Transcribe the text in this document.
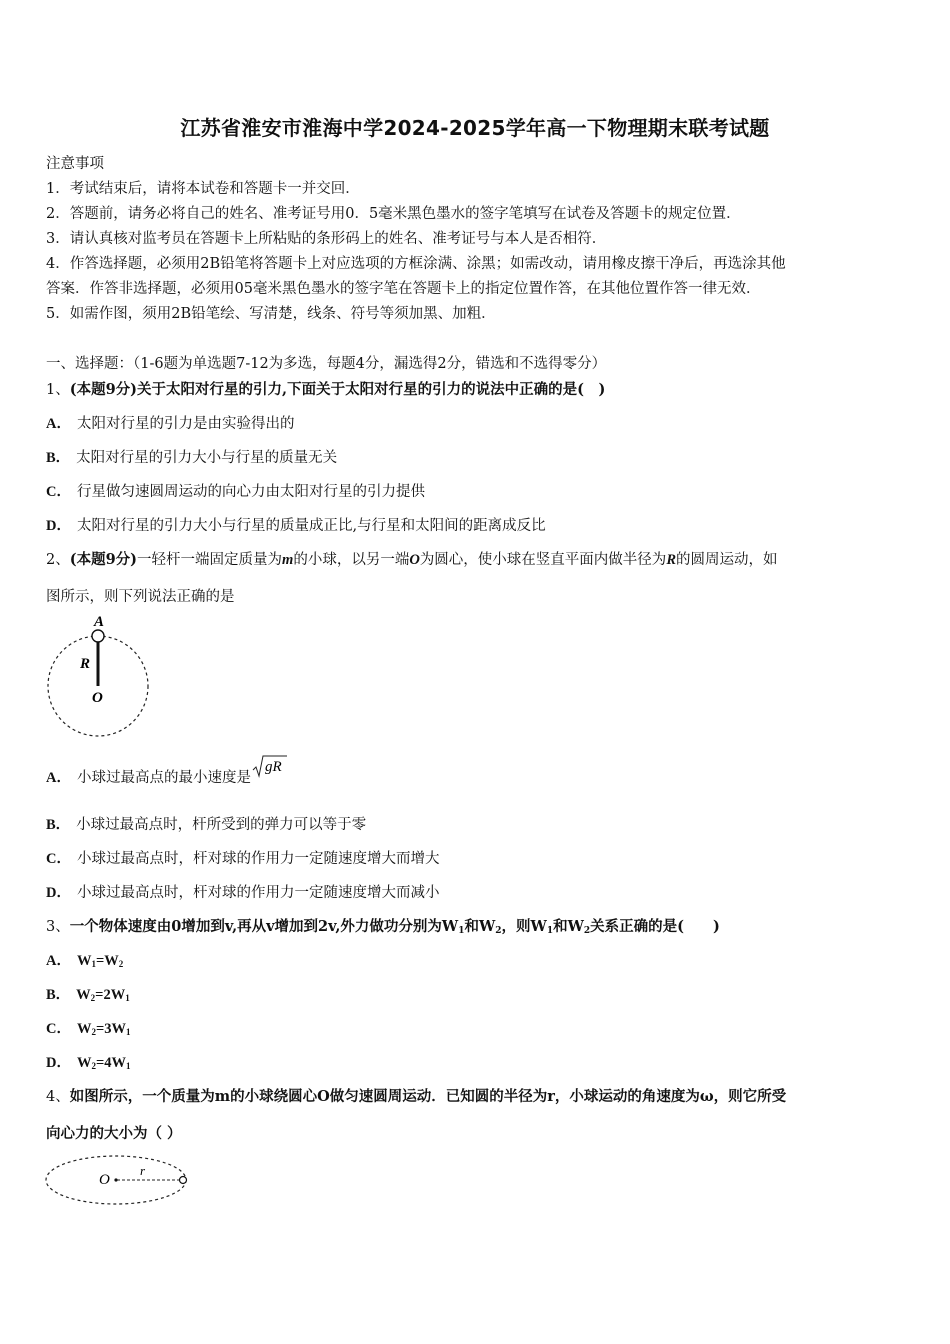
江苏省淮安市淮海中学2024-2025学年高一下物理期末联考试题
注意事项
1．考试结束后，请将本试卷和答题卡一并交回．
2．答题前，请务必将自己的姓名、准考证号用0．5毫米黑色墨水的签字笔填写在试卷及答题卡的规定位置．
3．请认真核对监考员在答题卡上所粘贴的条形码上的姓名、准考证号与本人是否相符．
4．作答选择题，必须用2B铅笔将答题卡上对应选项的方框涂满、涂黑；如需改动，请用橡皮擦干净后，再选涂其他
答案．作答非选择题，必须用05毫米黑色墨水的签字笔在答题卡上的指定位置作答，在其他位置作答一律无效．
5．如需作图，须用2B铅笔绘、写清楚，线条、符号等须加黑、加粗．
一、选择题：（1-6题为单选题7-12为多选，每题4分，漏选得2分，错选和不选得零分）
1、(本题9分)关于太阳对行星的引力,下面关于太阳对行星的引力的说法中正确的是(　)
A． 太阳对行星的引力是由实验得出的
B． 太阳对行星的引力大小与行星的质量无关
C． 行星做匀速圆周运动的向心力由太阳对行星的引力提供
D． 太阳对行星的引力大小与行星的质量成正比,与行星和太阳间的距离成反比
2、(本题9分)一轻杆一端固定质量为m的小球，以另一端O为圆心，使小球在竖直平面内做半径为R的圆周运动，如
图所示，则下列说法正确的是
A
R
O
A． 小球过最高点的最小速度是
gR
B． 小球过最高点时，杆所受到的弹力可以等于零
C． 小球过最高点时，杆对球的作用力一定随速度增大而增大
D． 小球过最高点时，杆对球的作用力一定随速度增大而减小
3、一个物体速度由0增加到v,再从v增加到2v,外力做功分别为$W_1$和$W_2$，则$W_1$和$W_2$关系正确的是(　　)
A． $W_1=W_2$
B． $W_2=2W_1$
C． $W_2=3W_1$
D． $W_2=4W_1$
4、如图所示，一个质量为m的小球绕圆心O做匀速圆周运动．已知圆的半径为r，小球运动的角速度为ω，则它所受
向心力的大小为（ ）
O
r
